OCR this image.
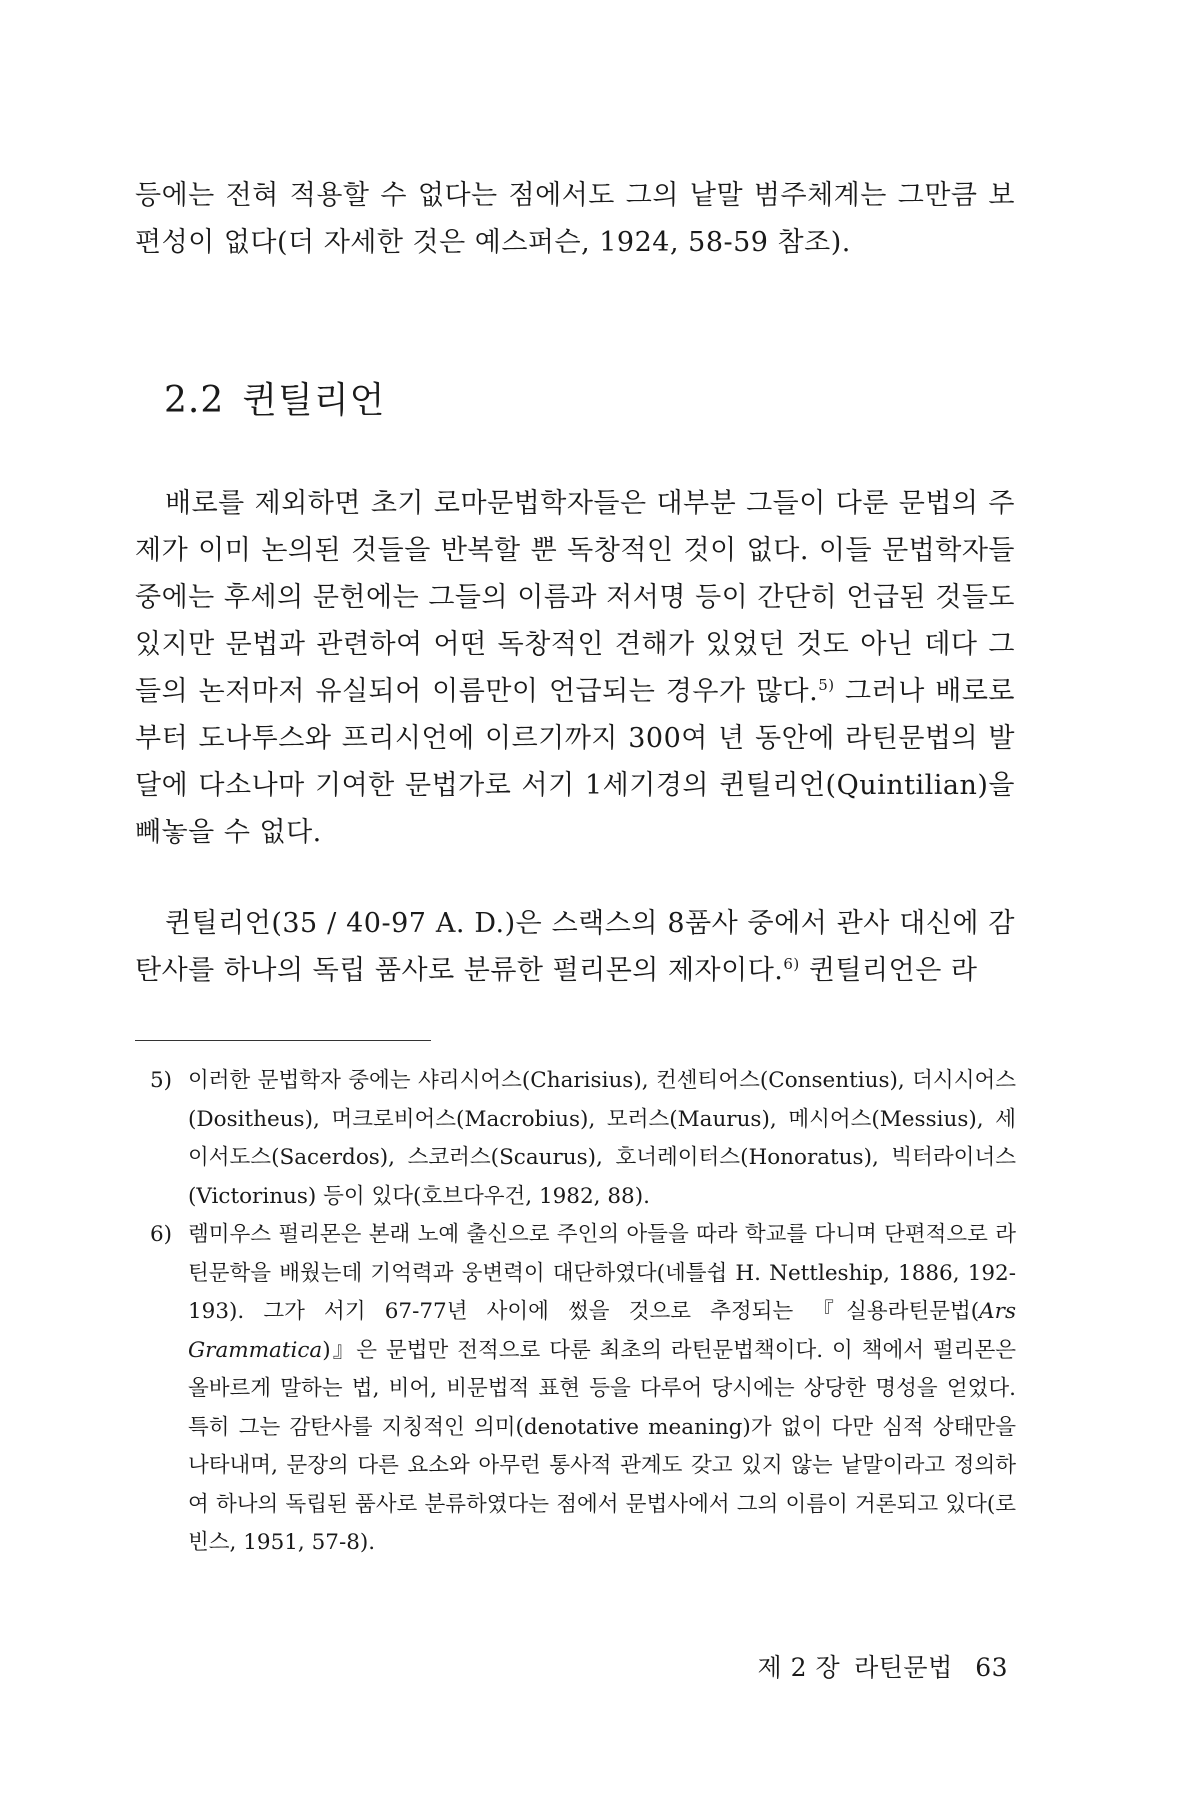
등에는 전혀 적용할 수 없다는 점에서도 그의 낱말 범주체계는 그만큼 보편성이 없다(더 자세한 것은 예스퍼슨, 1924, 58-59 참조).
2.2 퀸틸리언

배로를 제외하면 초기 로마문법학자들은 대부분 그들이 다룬 문법의 주제가 이미 논의된 것들을 반복할 뿐 독창적인 것이 없다. 이들 문법학자들 중에는 후세의 문헌에는 그들의 이름과 저서명 등이 간단히 언급된 것들도 있지만 문법과 관련하여 어떤 독창적인 견해가 있었던 것도 아닌 데다 그들의 논저마저 유실되어 이름만이 언급되는 경우가 많다.$^{5)}$ 그러나 배로로부터 도나투스와 프리시언에 이르기까지 300여 년 동안에 라틴문법의 발달에 다소나마 기여한 문법가로 서기 1세기경의 퀸틸리언(Quintilian)을 빼놓을 수 없다.

퀸틸리언(35 / 40-97 A. D.)은 스랙스의 8품사 중에서 관사 대신에 감탄사를 하나의 독립 품사로 분류한 펄리몬의 제자이다.$^{6)}$ 퀸틸리언은 라

5) 이러한 문법학자 중에는 샤리시어스(Charisius), 컨센티어스(Consentius), 더시시어스(Dositheus), 머크로비어스(Macrobius), 모러스(Maurus), 메시어스(Messius), 세이서도스(Sacerdos), 스코러스(Scaurus), 호너레이터스(Honoratus), 빅터라이너스(Victorinus) 등이 있다(호브다우건, 1982, 88).
6) 렘미우스 펄리몬은 본래 노예 출신으로 주인의 아들을 따라 학교를 다니며 단편적으로 라틴문학을 배웠는데 기억력과 웅변력이 대단하였다(네틀쉽 H. Nettleship, 1886, 192-193). 그가 서기 67-77년 사이에 썼을 것으로 추정되는 『실용라틴문법(Ars Grammatica)』은 문법만 전적으로 다룬 최초의 라틴문법책이다. 이 책에서 펄리몬은 올바르게 말하는 법, 비어, 비문법적 표현 등을 다루어 당시에는 상당한 명성을 얻었다. 특히 그는 감탄사를 지칭적인 의미(denotative meaning)가 없이 다만 심적 상태만을 나타내며, 문장의 다른 요소와 아무런 통사적 관계도 갖고 있지 않는 낱말이라고 정의하여 하나의 독립된 품사로 분류하였다는 점에서 문법사에서 그의 이름이 거론되고 있다(로빈스, 1951, 57-8).
제 2 장 라틴문법 63
